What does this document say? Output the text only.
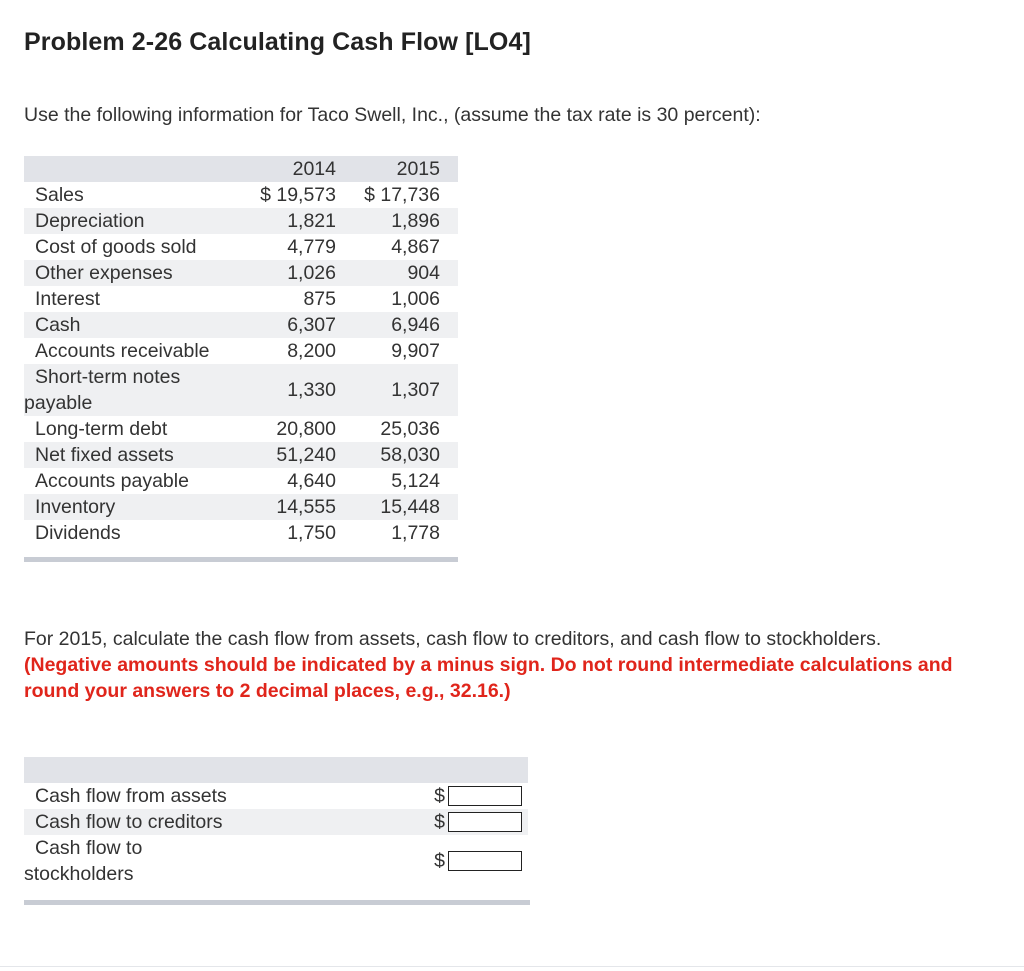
Problem 2-26 Calculating Cash Flow [LO4]
Use the following information for Taco Swell, Inc., (assume the tax rate is 30 percent):
	2014	2015
Sales	$ 19,573	$ 17,736
Depreciation	1,821	1,896
Cost of goods sold	4,779	4,867
Other expenses	1,026	904
Interest	875	1,006
Cash	6,307	6,946
Accounts receivable	8,200	9,907

Short-term notes
payable	1,330	1,307
Long-term debt	20,800	25,036
Net fixed assets	51,240	58,030
Accounts payable	4,640	5,124
Inventory	14,555	15,448
Dividends	1,750	1,778
For 2015, calculate the cash flow from assets, cash flow to creditors, and cash flow to stockholders. (Negative amounts should be indicated by a minus sign. Do not round intermediate calculations and round your answers to 2 decimal places, e.g., 32.16.)

Cash flow from assets	$	

Cash flow to creditors	$	

Cash flow to
stockholders	$	
